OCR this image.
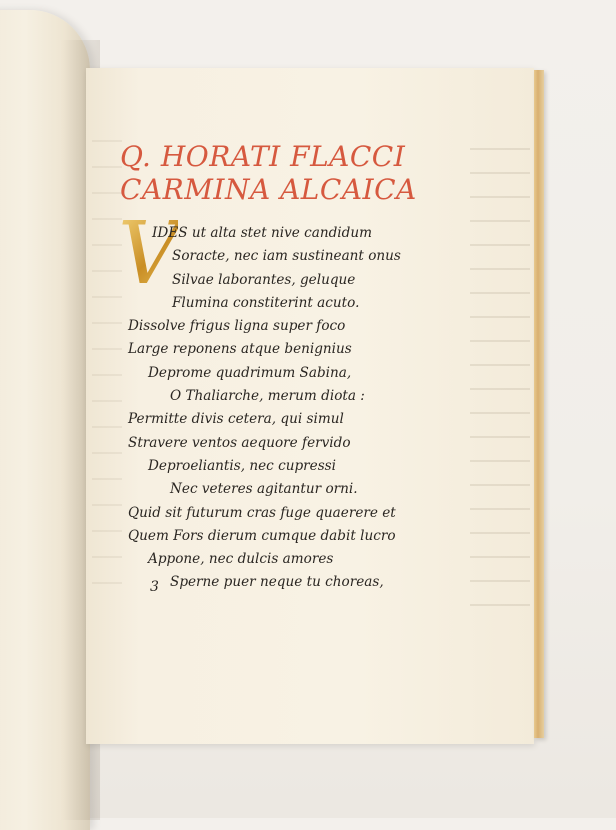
Q. HORATI FLACCI
CARMINA ALCAICA
V
IDES ut alta stet nive candidum
Soracte, nec iam sustineant onus
Silvae laborantes, geluque
Flumina constiterint acuto.
Dissolve frigus ligna super foco
Large reponens atque benignius
Deprome quadrimum Sabina,
O Thaliarche, merum diota :
Permitte divis cetera, qui simul
Stravere ventos aequore fervido
Deproeliantis, nec cupressi
Nec veteres agitantur orni.
Quid sit futurum cras fuge quaerere et
Quem Fors dierum cumque dabit lucro
Appone, nec dulcis amores
Sperne puer neque tu choreas,
3
